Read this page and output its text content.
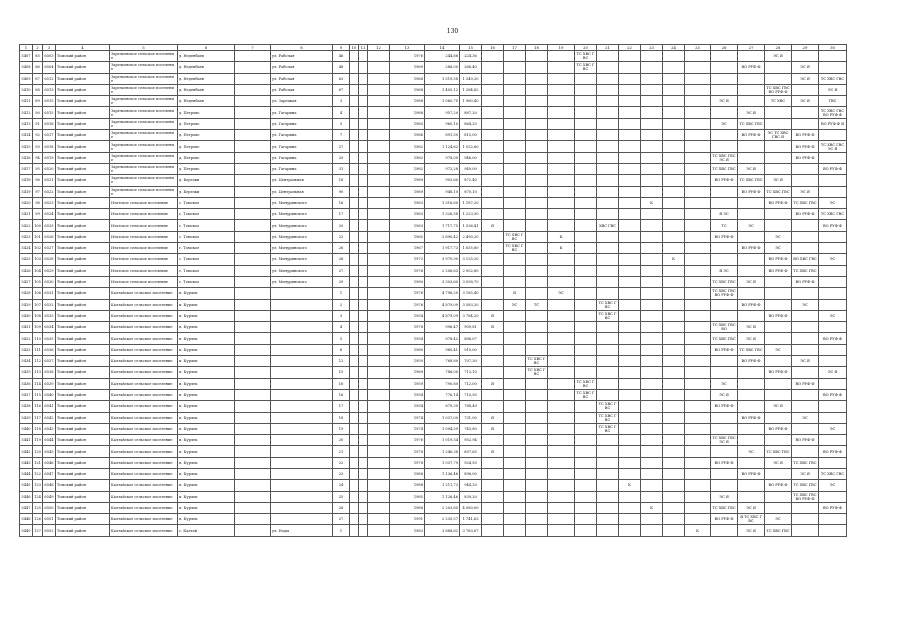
130
1	2	3	4	5	6	7	8	9	10	11	12	13	14	15	16	17	18	19	20	21	22	23	24	25	26	27	28	29	30
5407	85	6503	Томский район	Заречьевское сельское поселение	д. Неденбаев		ул. Рабочая	46				1976	244,66	224,36					ТС ХВС ГВС								ЭС Я		
5408	86	6504	Томский район	Заречьевское сельское поселение	д. Неденбаев		ул. Рабочая	48				1969	286,00	268,40					ТС ХВС ГВС							ВО РУФ-Ф		ЭС Я	
5409	87	6512	Томский район	Заречьевское сельское поселение	д. Неденбаев		ул. Рабочая	63				1968	1 519,58	1 349,20														ЭС Я	ТС ХВС ГВС
5410	88	6513	Томский район	Заречьевское сельское поселение	д. Неденбаев		ул. Рабочая	67				1968	1 405,12	1 284,82													ТС ХВС ГВС ВО РУФ-Ф		ЭС Я
5411	89	6515	Томский район	Заречьевское сельское поселение	д. Неденбаев		ул. Зарецкая	3				1988	1 060,70	1 960,40											ЭС Я		ТС ХВС	ЭС Я	ГВС
5412	90	6515	Томский район	Заречьевское сельское поселение	д. Петрово		ул. Гагарина	4				1988	957,20	887,20												ЭС Я			ТС ХВС ГВС ВО РУФ-Ф
5413	91	6516	Томский район	Заречьевское сельское поселение	д. Петрово		ул. Гагарина	5				1985	960,10	864,20											ЭС	ТС ХВС ГВС			ВО РУФ-Ф Я
5414	92	6517	Томский район	Заречьевское сельское поселение	д. Петрово		ул. Гагарина	7				1986	891,50	815,00												ВО РУФ-Ф	ЭС ТС ХВС ГВС Я	ВО РУФ-Ф	
5415	93	6518	Томский район	Заречьевское сельское поселение	д. Петрово		ул. Гагарина	27				1982	1 124,62	1 032,60														ВО РУФ-Ф	ТС ХВС ГВС ЭС Я
5416	94	6519	Томский район	Заречьевское сельское поселение	д. Петрово		ул. Гагарина	29				1982	978,00	946,00											ТС ХВС ГВС ЭС Я			ВО РУФ-Ф	
5417	95	6520	Томский район	Заречьевское сельское поселение	д. Петрово		ул. Гагарина	31				1982	972,28	949,00											ТС ХВС ГВС	ЭС Я			ВО РУФ-Ф
5418	96	6521	Томский район	Заречьевское сельское поселение	д. Березки		ул. Центральная	16				1989	903,60	872,40											ВО РУФ-Ф	ТС ХВС ГВС	ЭС Я		
5419	97	6522	Томский район	Заречьевское сельское поселение	д. Березки		ул. Центральная	90				1989	948,10	870,10												ВО РУФ-Ф	ТС ХВС ГВС	ЭС Я	
5420	98	6523	Томский район	Итатское сельское поселение	с. Томское		ул. Мичуринского	16				1963	1 316,60	1 187,20								К					ВО РУФ-Ф	ТС ХВС ГВС	ЭС
5421	99	6524	Томский район	Итатское сельское поселение	с. Томское		ул. Мичуринского	17				1963	1 326,58	1 223,30											Я ЭС			ВО РУФ-Ф	ТС ХВС ГВС
5422	100	6525	Томский район	Итатское сельское поселение	с. Томское		ул. Мичуринского	20				1963	1 717,75	1 536,41	Я					ХВС ГВС					ТС	ЭС			ВО РУФ-Ф
5423	101	6526	Томский район	Итатское сельское поселение	с. Томское		ул. Мичуринского	22				1965	2 890,42	2 490,20		ТС ХВС ГВС		К							ВО РУФ-Ф		ЭС		
5424	102	6527	Томский район	Итатское сельское поселение	с. Томское		ул. Мичуринского	26				1967	1 917,73	1 635,80		ТС ХВС ГВС		К								ВО РУФ-Ф	ЭС		
5425	103	6528	Томский район	Итатское сельское поселение	с. Томское		ул. Мичуринского	26				1972	3 970,90	3 125,20									К				ВО РУФ-Ф	ВО ХВС ГВС	ЭС
5426	104	6529	Томский район	Итатское сельское поселение	с. Томское		ул. Мичуринского	27				1976	2 206,63	2 002,80											Я ЭС		ВО РУФ-Ф	ТС ХВС ГВС	
5427	105	6530	Томский район	Итатское сельское поселение	с. Томское		ул. Мичуринского	29				1980	3 303,60	3 058,70											ТС ХВС ГВС	ЭС Я		ВО РУФ-Ф	
5428	106	6531	Томский район	Калтайское сельское поселение	п. Курлек			1				1976	4 798,20	3 185,40		Я		ЭС							ТС ХВС ГВС ВО РУФ-Ф				
5429	107	6532	Томский район	Калтайское сельское поселение	п. Курлек			2				1976	4 879,09	3 583,20		ЭС	ТС			ТС ХВС ГВС						ВО РУФ-Ф		ЭС	
5430	108	6533	Томский район	Калтайское сельское поселение	п. Курлек			3				1954	4 879,09	3 784,20	Я					ТС ХВС ГВС							ВО РУФ-Ф		ЭС
5431	109	6534	Томский район	Калтайское сельское поселение	п. Курлек			4				1978	996,47	909,81	Я										ТС ХВС ГВС ВО	ЭС Я			
5432	110	6535	Томский район	Калтайское сельское поселение	п. Курлек			5				1954	978,42	888,07											ТС ХВС ГВС	ЭС Я			ВО РУФ-Ф
5433	111	6536	Томский район	Калтайское сельское поселение	п. Курлек			6				1980	960,41	910,00											ВО РУФ-Ф	ТС ХВС ГВС	ЭС		
5434	112	6537	Томский район	Калтайское сельское поселение	п. Курлек			12				1959	768,80	707,30			ТС ХВС ГВС									ВО РУФ-Ф		ЭС Я	
5435	113	6538	Томский район	Калтайское сельское поселение	п. Курлек			15				1969	786,00	713,10			ТС ХВС ГВС										ВО РУФ-Ф		ЭС Я
5436	114	6539	Томский район	Калтайское сельское поселение	п. Курлек			16				1959	790,80	712,00	Я				ТС ХВС ГВС						ЭС			ВО РУФ-Ф	
5437	115	6540	Томский район	Калтайское сельское поселение	п. Курлек			16				1954	776,14	710,50					ТС ХВС ГВС						ЭС Я				ВО РУФ-Ф
5438	116	6541	Томский район	Калтайское сельское поселение	п. Курлек			17				1954	879,30	788,49						ТС ХВС ГВС					ВО РУФ-Ф		ЭС Я		
5439	117	6542	Томский район	Калтайское сельское поселение	п. Курлек			18				1974	1 037,00	731,00	Я					ТС ХВС ГВС						ВО РУФ-Ф		ЭС	
5440	118	6543	Томский район	Калтайское сельское поселение	п. Курлек			19				1974	1 004,59	743,80	Я					ТС ХВС ГВС							ВО РУФ-Ф		ЭС
5441	119	6544	Томский район	Калтайское сельское поселение	п. Курлек			20				1976	1 019,54	952,94											ТС ХВС ГВС ЭС Я			ВО РУФ-Ф	
5442	120	6545	Томский район	Калтайское сельское поселение	п. Курлек			21				1978	1 246,38	897,65	Я											ЭС	ТС ХВС ГВС		ВО РУФ-Ф
5443	121	6546	Томский район	Калтайское сельское поселение	п. Курлек			22				1978	1 037,79	924,50											ВО РУФ-Ф		ЭС Я	ТС ХВС ГВС	
5444	122	6547	Томский район	Калтайское сельское поселение	п. Курлек			23				1988	1 136,46	898,00												ВО РУФ-Ф		ЭС Я	ТС ХВС ГВС
5445	123	6548	Томский район	Калтайское сельское поселение	п. Курлек			24				1988	1 211,73	944,20							К						ВО РУФ-Ф	ТС ХВС ГВС	ЭС
5446	124	6549	Томский район	Калтайское сельское поселение	п. Курлек			25				1985	1 126,46	839,20											ЭС Я			ТС ХВС ГВС ВО РУФ-Ф	
5447	125	6550	Томский район	Калтайское сельское поселение	п. Курлек			26				1988	2 203,80	4 080,00								К			ТС ХВС ГВС	ЭС Я			ВО РУФ-Ф
5448	126	6551	Томский район	Калтайское сельское поселение	п. Курлек			27				1991	2 235,57	1 741,62											ВО РУФ-Ф	Я ТС ХВС ГВС	ЭС		
5449	127	6552	Томский район	Калтайское сельское поселение	с. Калтай		ул. Ноды	1				1983	3 888,62	3 763,67										К		ЭС Я	ТС ХВС ГВС		
